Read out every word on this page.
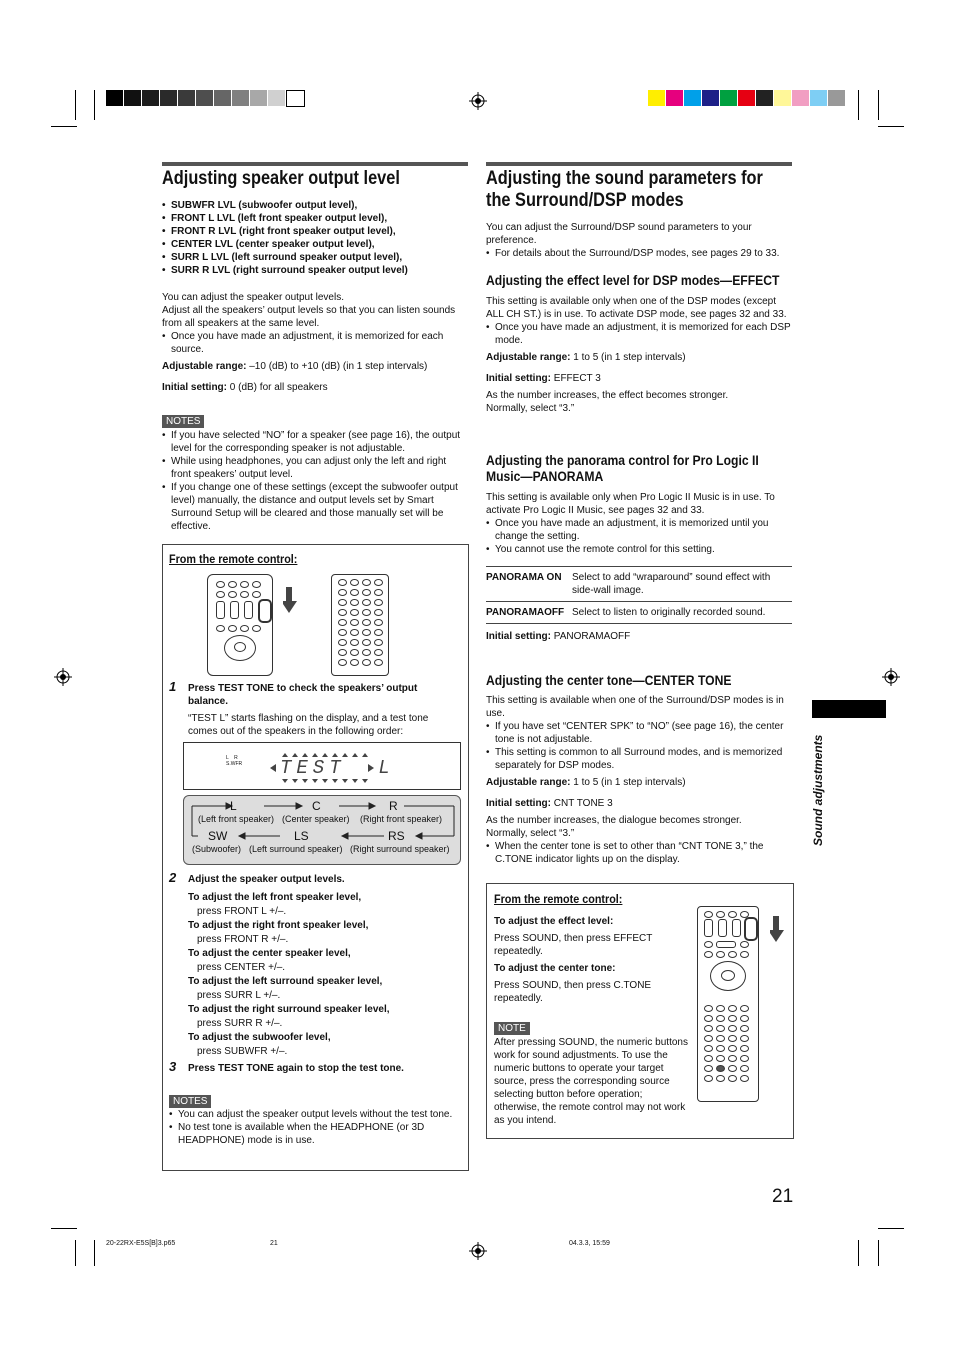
Adjusting speaker output level
• SUBWFR LVL (subwoofer output level),
• FRONT L LVL (left front speaker output level),
• FRONT R LVL (right front speaker output level),
• CENTER LVL (center speaker output level),
• SURR L LVL (left surround speaker output level),
• SURR R LVL (right surround speaker output level)
You can adjust the speaker output levels.
Adjust all the speakers’ output levels so that you can listen sounds from all speakers at the same level.
• Once you have made an adjustment, it is memorized for each source.

Adjustable range: –10 (dB) to +10 (dB) (in 1 step intervals)

Initial setting: 0 (dB) for all speakers

NOTES
• If you have selected “NO” for a speaker (see page 16), the output level for the corresponding speaker is not adjustable.
• While using headphones, you can adjust only the left and right front speakers’ output level.
• If you change one of these settings (except the subwoofer output level) manually, the distance and output levels set by Smart Surround Setup will be cleared and those manually set will be effective.
From the remote control:
1 Press TEST TONE to check the speakers’ output balance.
“TEST L” starts flashing on the display, and a test tone comes out of the speakers in the following order:
L    R
S.WFR TEST  L
L	C	R
(Left front speaker) (Center speaker) (Right front speaker)
SW	LS	RS
(Subwoofer) (Left surround speaker) (Right surround speaker)
2 Adjust the speaker output levels.
To adjust the left front speaker level,
press FRONT L +/–.
To adjust the right front speaker level,
press FRONT R +/–.
To adjust the center speaker level,
press CENTER +/–.
To adjust the left surround speaker level,
press SURR L +/–.
To adjust the right surround speaker level,
press SURR R +/–.
To adjust the subwoofer level,
press SUBWFR +/–.
3 Press TEST TONE again to stop the test tone.
NOTES
• You can adjust the speaker output levels without the test tone.
• No test tone is available when the HEADPHONE (or 3D HEADPHONE) mode is in use.
Adjusting the sound parameters for
the Surround/DSP modes
You can adjust the Surround/DSP sound parameters to your preference.
• For details about the Surround/DSP modes, see pages 29 to 33.
Adjusting the effect level for DSP modes—EFFECT
This setting is available only when one of the DSP modes (except ALL CH ST.) is in use. To activate DSP mode, see pages 32 and 33.
• Once you have made an adjustment, it is memorized for each DSP mode.

Adjustable range: 1 to 5 (in 1 step intervals)

Initial setting: EFFECT 3

As the number increases, the effect becomes stronger.
Normally, select “3.”
Adjusting the panorama control for Pro Logic II
Music—PANORAMA
This setting is available only when Pro Logic II Music is in use. To activate Pro Logic II Music, see pages 32 and 33.
• Once you have made an adjustment, it is memorized until you change the setting.
• You cannot use the remote control for this setting.
PANORAMA ON	Select to add “wraparound” sound effect with side-wall image.
PANORAMAOFF Select to listen to originally recorded sound.
Initial setting: PANORAMAOFF
Adjusting the center tone—CENTER TONE
This setting is available when one of the Surround/DSP modes is in use.
• If you have set “CENTER SPK” to “NO” (see page 16), the center tone is not adjustable.
• This setting is common to all Surround modes, and is memorized separately for DSP modes.

Adjustable range: 1 to 5 (in 1 step intervals)

Initial setting: CNT TONE 3

As the number increases, the dialogue becomes stronger.
Normally, select “3.”
• When the center tone is set to other than “CNT TONE 3,” the C.TONE indicator lights up on the display.
From the remote control:
To adjust the effect level:
Press SOUND, then press EFFECT repeatedly.
To adjust the center tone:
Press SOUND, then press C.TONE repeatedly.
NOTE
After pressing SOUND, the numeric buttons work for sound adjustments. To use the numeric buttons to operate your target source, press the corresponding source selecting button before operation; otherwise, the remote control may not work as you intend.
Sound adjustments
21
20-22RX-E5S[B]3.p65	21	04.3.3, 15:59
